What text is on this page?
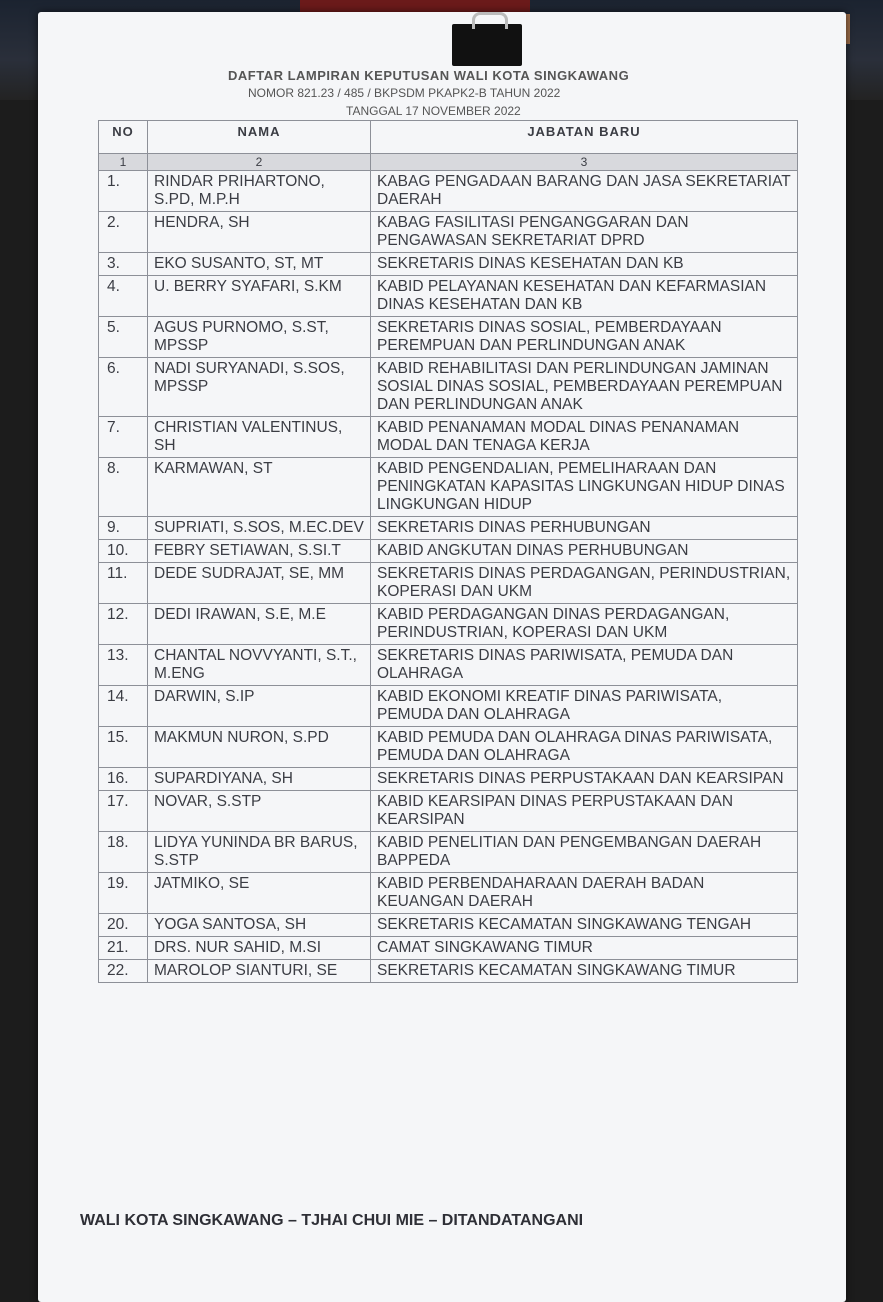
DAFTAR LAMPIRAN KEPUTUSAN WALI KOTA SINGKAWANG
NOMOR 821.23 / 485 / BKPSDM PKAPK2-B TAHUN 2022
TANGGAL 17 NOVEMBER 2022
NO	NAMA	JABATAN BARU
1	2	3
1.	RINDAR PRIHARTONO, S.PD, M.P.H	KABAG PENGADAAN BARANG DAN JASA SEKRETARIAT DAERAH
2.	HENDRA, SH	KABAG FASILITASI PENGANGGARAN DAN PENGAWASAN SEKRETARIAT DPRD
3.	EKO SUSANTO, ST, MT	SEKRETARIS DINAS KESEHATAN DAN KB
4.	U. BERRY SYAFARI, S.KM	KABID PELAYANAN KESEHATAN DAN KEFARMASIAN DINAS KESEHATAN DAN KB
5.	AGUS PURNOMO, S.ST, MPSSP	SEKRETARIS DINAS SOSIAL, PEMBERDAYAAN PEREMPUAN DAN PERLINDUNGAN ANAK
6.	NADI SURYANADI, S.SOS, MPSSP	KABID REHABILITASI DAN PERLINDUNGAN JAMINAN SOSIAL DINAS SOSIAL, PEMBERDAYAAN PEREMPUAN DAN PERLINDUNGAN ANAK
7.	CHRISTIAN VALENTINUS, SH	KABID PENANAMAN MODAL DINAS PENANAMAN MODAL DAN TENAGA KERJA
8.	KARMAWAN, ST	KABID PENGENDALIAN, PEMELIHARAAN DAN PENINGKATAN KAPASITAS LINGKUNGAN HIDUP DINAS LINGKUNGAN HIDUP
9.	SUPRIATI, S.SOS, M.EC.DEV	SEKRETARIS DINAS PERHUBUNGAN
10.	FEBRY SETIAWAN, S.SI.T	KABID ANGKUTAN DINAS PERHUBUNGAN
11.	DEDE SUDRAJAT, SE, MM	SEKRETARIS DINAS PERDAGANGAN, PERINDUSTRIAN, KOPERASI DAN UKM
12.	DEDI IRAWAN, S.E, M.E	KABID PERDAGANGAN DINAS PERDAGANGAN, PERINDUSTRIAN, KOPERASI DAN UKM
13.	CHANTAL NOVVYANTI, S.T., M.ENG	SEKRETARIS DINAS PARIWISATA, PEMUDA DAN OLAHRAGA
14.	DARWIN, S.IP	KABID EKONOMI KREATIF DINAS PARIWISATA, PEMUDA DAN OLAHRAGA
15.	MAKMUN NURON, S.PD	KABID PEMUDA DAN OLAHRAGA DINAS PARIWISATA, PEMUDA DAN OLAHRAGA
16.	SUPARDIYANA, SH	SEKRETARIS DINAS PERPUSTAKAAN DAN KEARSIPAN
17.	NOVAR, S.STP	KABID KEARSIPAN DINAS PERPUSTAKAAN DAN KEARSIPAN
18.	LIDYA YUNINDA BR BARUS, S.STP	KABID PENELITIAN DAN PENGEMBANGAN DAERAH BAPPEDA
19.	JATMIKO, SE	KABID PERBENDAHARAAN DAERAH BADAN KEUANGAN DAERAH
20.	YOGA SANTOSA, SH	SEKRETARIS KECAMATAN SINGKAWANG TENGAH
21.	DRS. NUR SAHID, M.SI	CAMAT SINGKAWANG TIMUR
22.	MAROLOP SIANTURI, SE	SEKRETARIS KECAMATAN SINGKAWANG TIMUR
WALI KOTA SINGKAWANG – TJHAI CHUI MIE – DITANDATANGANI
